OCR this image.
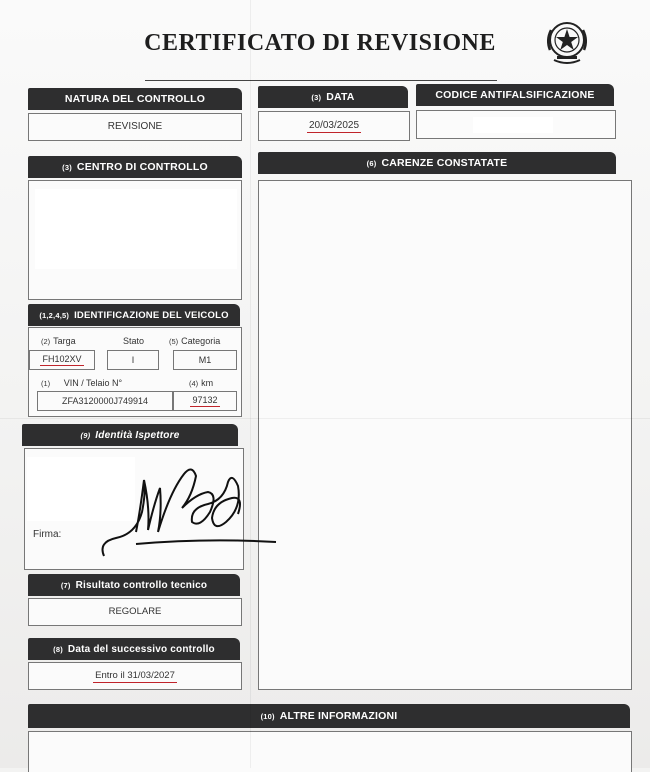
CERTIFICATO DI REVISIONE
NATURA DEL CONTROLLO
REVISIONE
(3) DATA
20/03/2025
CODICE ANTIFALSIFICAZIONE
(3) CENTRO DI CONTROLLO	(6) CARENZE CONSTATATE
(1,2,4,5) IDENTIFICAZIONE DEL VEICOLO
(2) Targa	Stato	(5) Categoria
FH102XV	I	M1
(1) VIN / Telaio N°	(4) km
ZFA3120000J749914	97132
(9) Identità Ispettore
Firma:
(7) Risultato controllo tecnico
REGOLARE
(8) Data del successivo controllo
Entro il 31/03/2027
(10) ALTRE INFORMAZIONI
